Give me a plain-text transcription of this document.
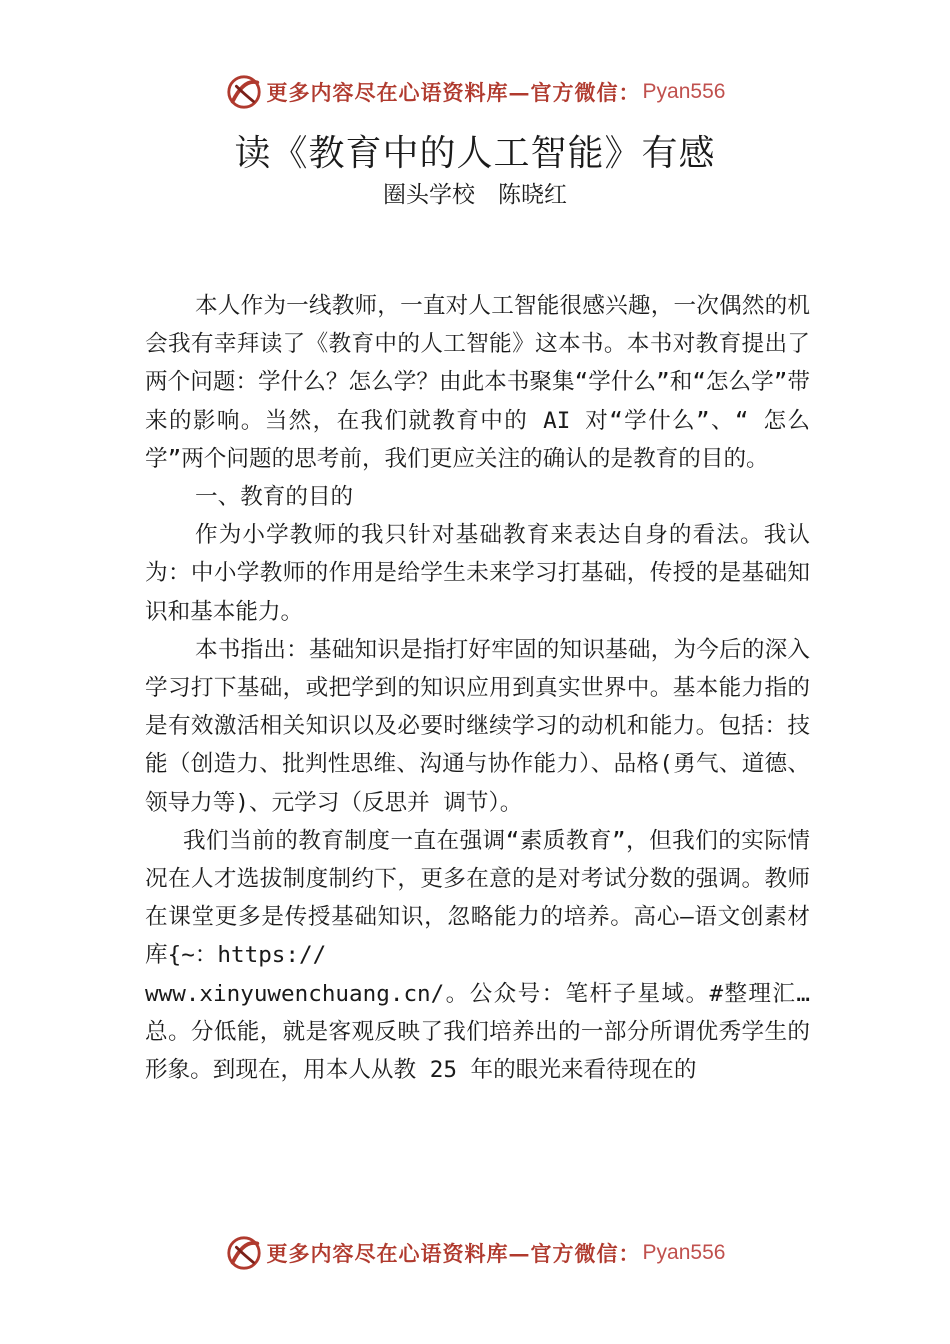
更多内容尽在心语资料库—官方微信： Pyan556
读《教育中的人工智能》有感
圈头学校　陈晓红

本人作为一线教师，一直对人工智能很感兴趣，一次偶然的机会我有幸拜读了《教育中的人工智能》这本书。本书对教育提出了两个问题：学什么？怎么学？由此本书聚集“学什么”和“怎么学”带来的影响。当然，在我们就教育中的 AI 对“学什么”、“ 怎么学”两个问题的思考前，我们更应关注的确认的是教育的目的。

一、教育的目的

作为小学教师的我只针对基础教育来表达自身的看法。我认为：中小学教师的作用是给学生未来学习打基础，传授的是基础知识和基本能力。

本书指出：基础知识是指打好牢固的知识基础，为今后的深入学习打下基础，或把学到的知识应用到真实世界中。基本能力指的是有效激活相关知识以及必要时继续学习的动机和能力。包括：技能（创造力、批判性思维、沟通与协作能力）、品格(勇气、道德、领导力等)、元学习（反思并 调节）。

我们当前的教育制度一直在强调“素质教育”，但我们的实际情况在人才选拔制度制约下，更多在意的是对考试分数的强调。教师在课堂更多是传授基础知识，忽略能力的培养。高心—语文创素材库{~：https://

www.xinyuwenchuang.cn/。公众号：笔杆子星域。#整理汇…总。分低能，就是客观反映了我们培养出的一部分所谓优秀学生的形象。到现在，用本人从教 25 年的眼光来看待现在的

更多内容尽在心语资料库—官方微信： Pyan556
